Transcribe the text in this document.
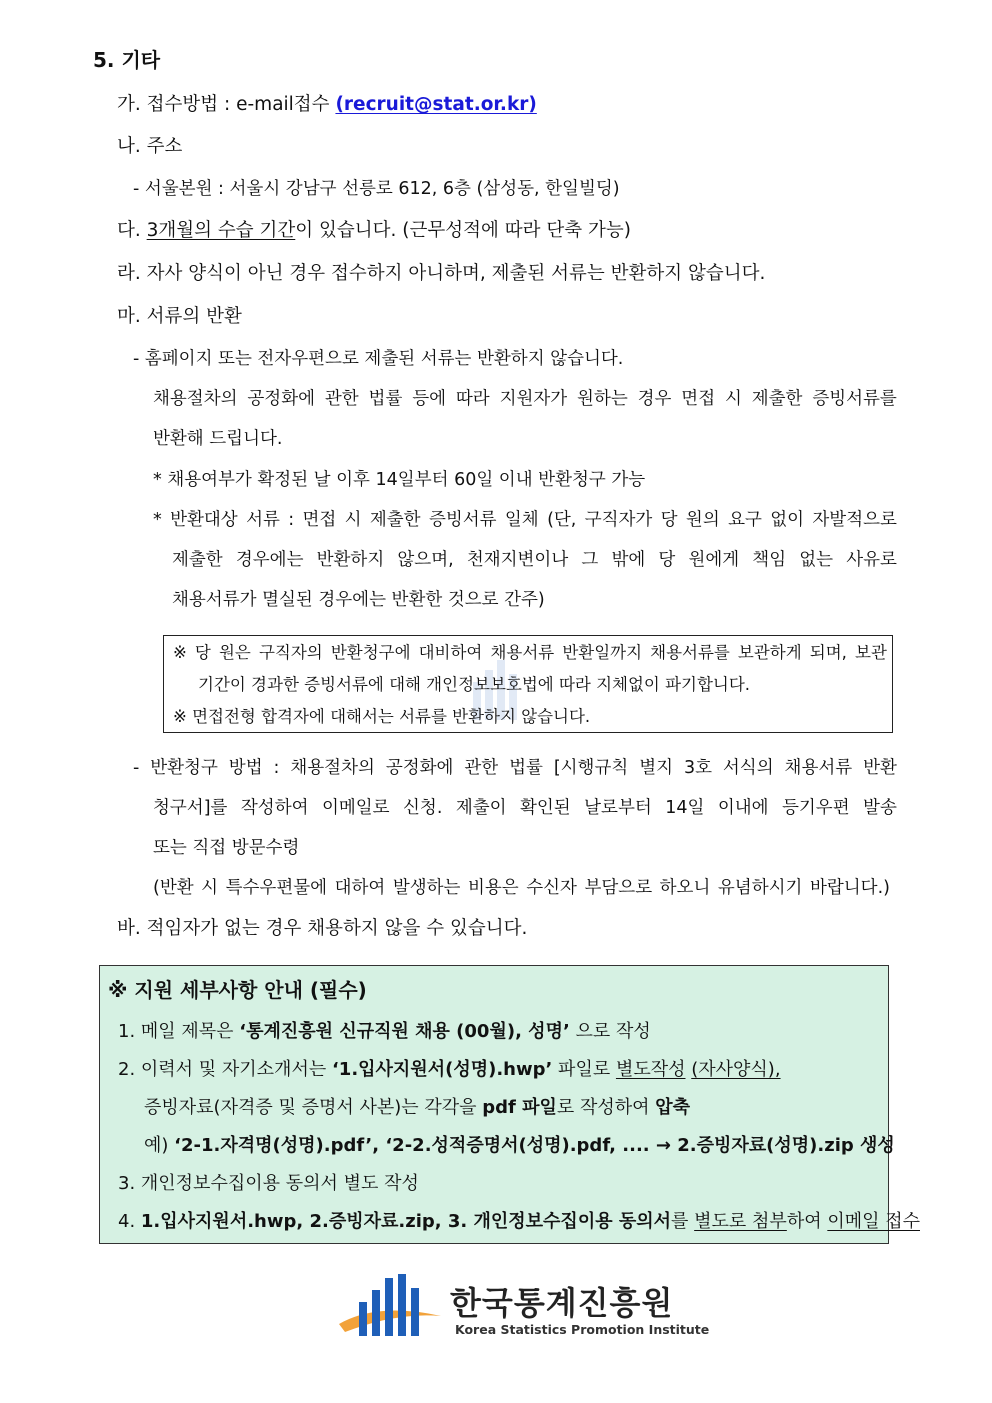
5. 기타
가. 접수방법 : e-mail접수 (recruit@stat.or.kr)
나. 주소
- 서울본원 : 서울시 강남구 선릉로 612, 6층 (삼성동, 한일빌딩)
다. 3개월의 수습 기간이 있습니다. (근무성적에 따라 단축 가능)
라. 자사 양식이 아닌 경우 접수하지 아니하며, 제출된 서류는 반환하지 않습니다.
마. 서류의 반환
- 홈페이지 또는 전자우편으로 제출된 서류는 반환하지 않습니다.
채용절차의 공정화에 관한 법률 등에 따라 지원자가 원하는 경우 면접 시 제출한 증빙서류를
반환해 드립니다.
* 채용여부가 확정된 날 이후 14일부터 60일 이내 반환청구 가능
* 반환대상 서류 : 면접 시 제출한 증빙서류 일체 (단, 구직자가 당 원의 요구 없이 자발적으로
제출한 경우에는 반환하지 않으며, 천재지변이나 그 밖에 당 원에게 책임 없는 사유로
채용서류가 멸실된 경우에는 반환한 것으로 간주)
※ 당 원은 구직자의 반환청구에 대비하여 채용서류 반환일까지 채용서류를 보관하게 되며, 보관
기간이 경과한 증빙서류에 대해 개인정보보호법에 따라 지체없이 파기합니다.
※ 면접전형 합격자에 대해서는 서류를 반환하지 않습니다.
- 반환청구 방법 : 채용절차의 공정화에 관한 법률 [시행규칙 별지 3호 서식의 채용서류 반환
청구서]를 작성하여 이메일로 신청. 제출이 확인된 날로부터 14일 이내에 등기우편 발송
또는 직접 방문수령
(반환 시 특수우편물에 대하여 발생하는 비용은 수신자 부담으로 하오니 유념하시기 바랍니다.)
바. 적임자가 없는 경우 채용하지 않을 수 있습니다.
※ 지원 세부사항 안내 (필수)
1. 메일 제목은 ‘통계진흥원 신규직원 채용 (00월), 성명’ 으로 작성
2. 이력서 및 자기소개서는 ‘1.입사지원서(성명).hwp’ 파일로 별도작성 (자사양식),
증빙자료(자격증 및 증명서 사본)는 각각을 pdf 파일로 작성하여 압축
예) ‘2-1.자격명(성명).pdf’, ‘2-2.성적증명서(성명).pdf, .... → 2.증빙자료(성명).zip 생성
3. 개인정보수집이용 동의서 별도 작성
4. 1.입사지원서.hwp, 2.증빙자료.zip, 3. 개인정보수집이용 동의서를 별도로 첨부하여 이메일 접수
한국통계진흥원
Korea Statistics Promotion Institute
